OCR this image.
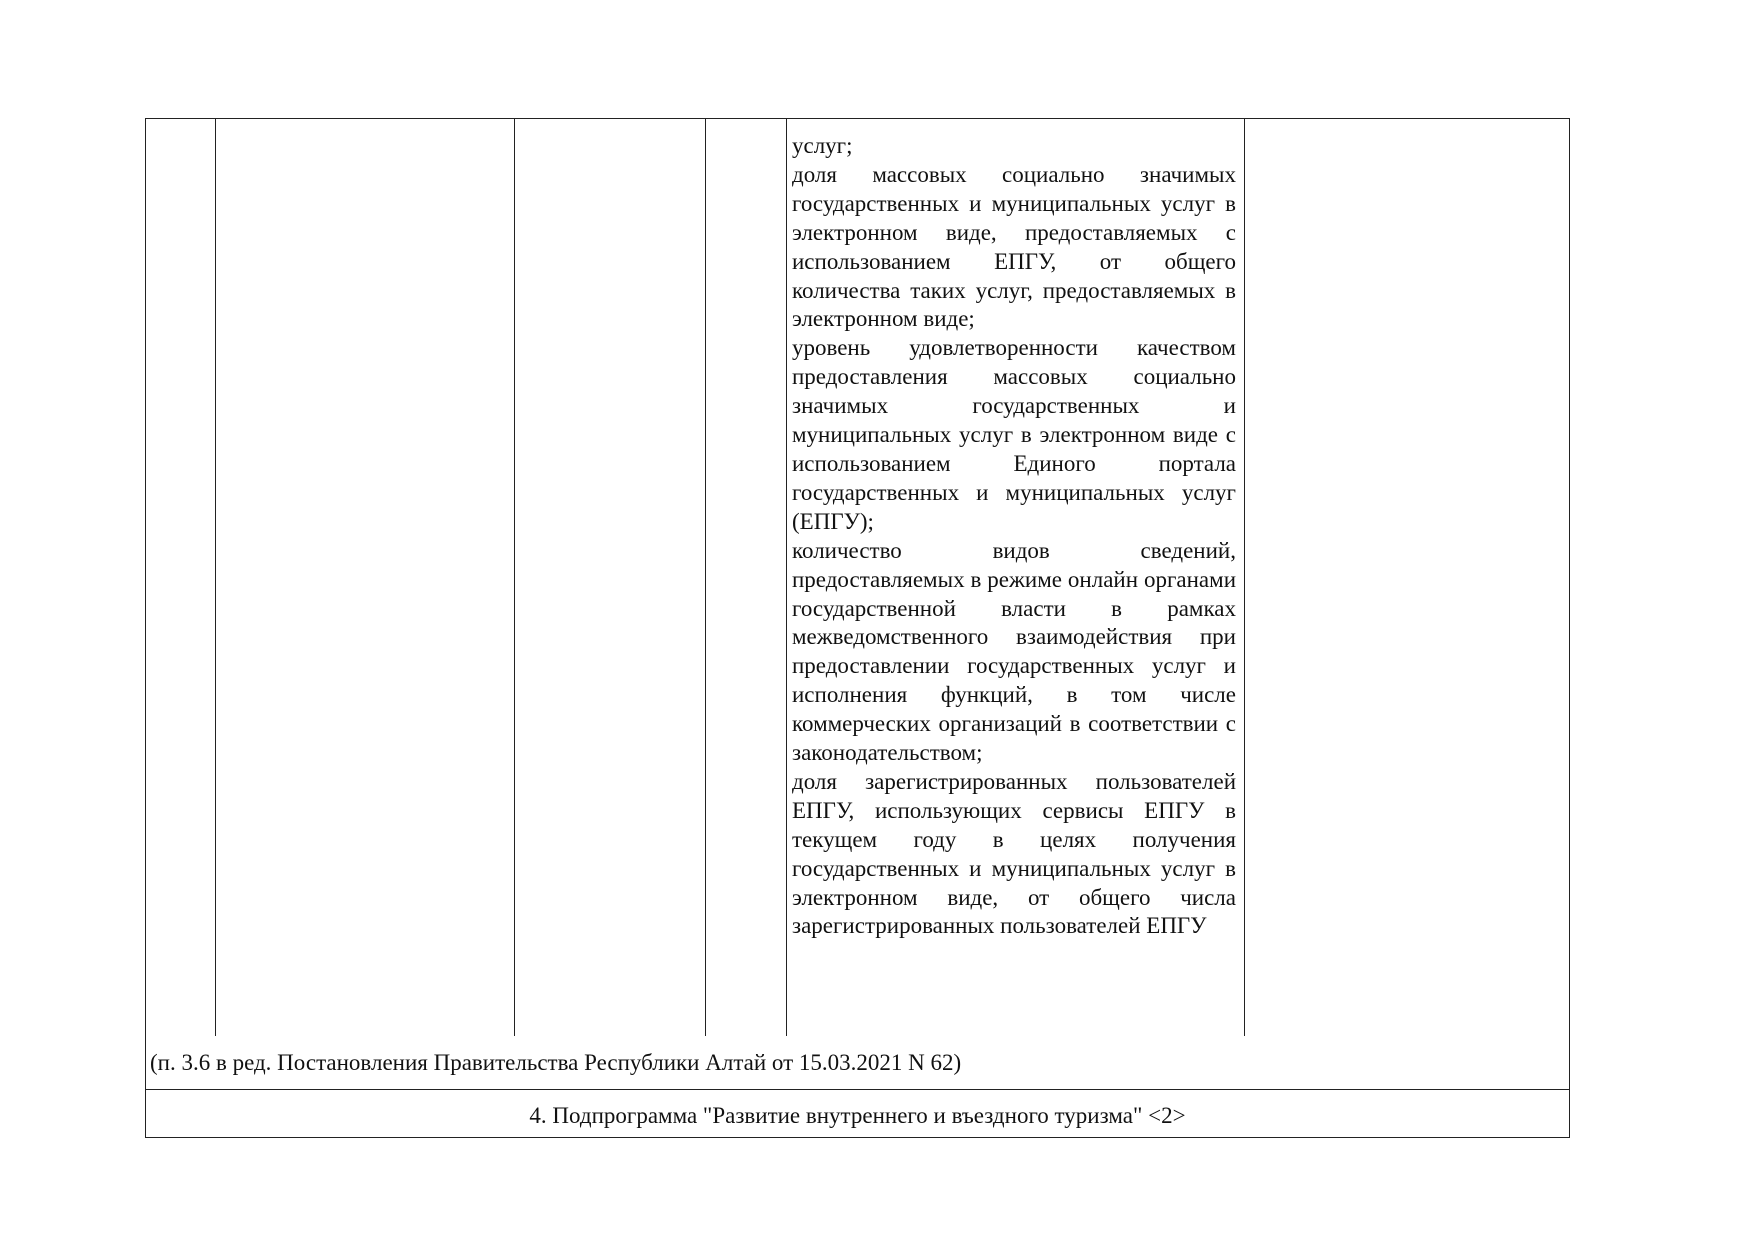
услуг;

доля массовых социально значимых государственных и муниципальных услуг в электронном виде, предоставляемых с использованием ЕПГУ, от общего количества таких услуг, предоставляемых в электронном виде;

уровень удовлетворенности качеством предоставления массовых социально значимых государственных и муниципальных услуг в электронном виде с использованием Единого портала государственных и муниципальных услуг (ЕПГУ);

количество видов сведений, предоставляемых в режиме онлайн органами государственной власти в рамках межведомственного взаимодействия при предоставлении государственных услуг и исполнения функций, в том числе коммерческих организаций в соответствии с законодательством;

доля зарегистрированных пользователей ЕПГУ, использующих сервисы ЕПГУ в текущем году в целях получения государственных и муниципальных услуг в электронном виде, от общего числа зарегистрированных пользователей ЕПГУ

(п. 3.6 в ред. Постановления Правительства Республики Алтай от 15.03.2021 N 62)
4. Подпрограмма "Развитие внутреннего и въездного туризма" <2>
